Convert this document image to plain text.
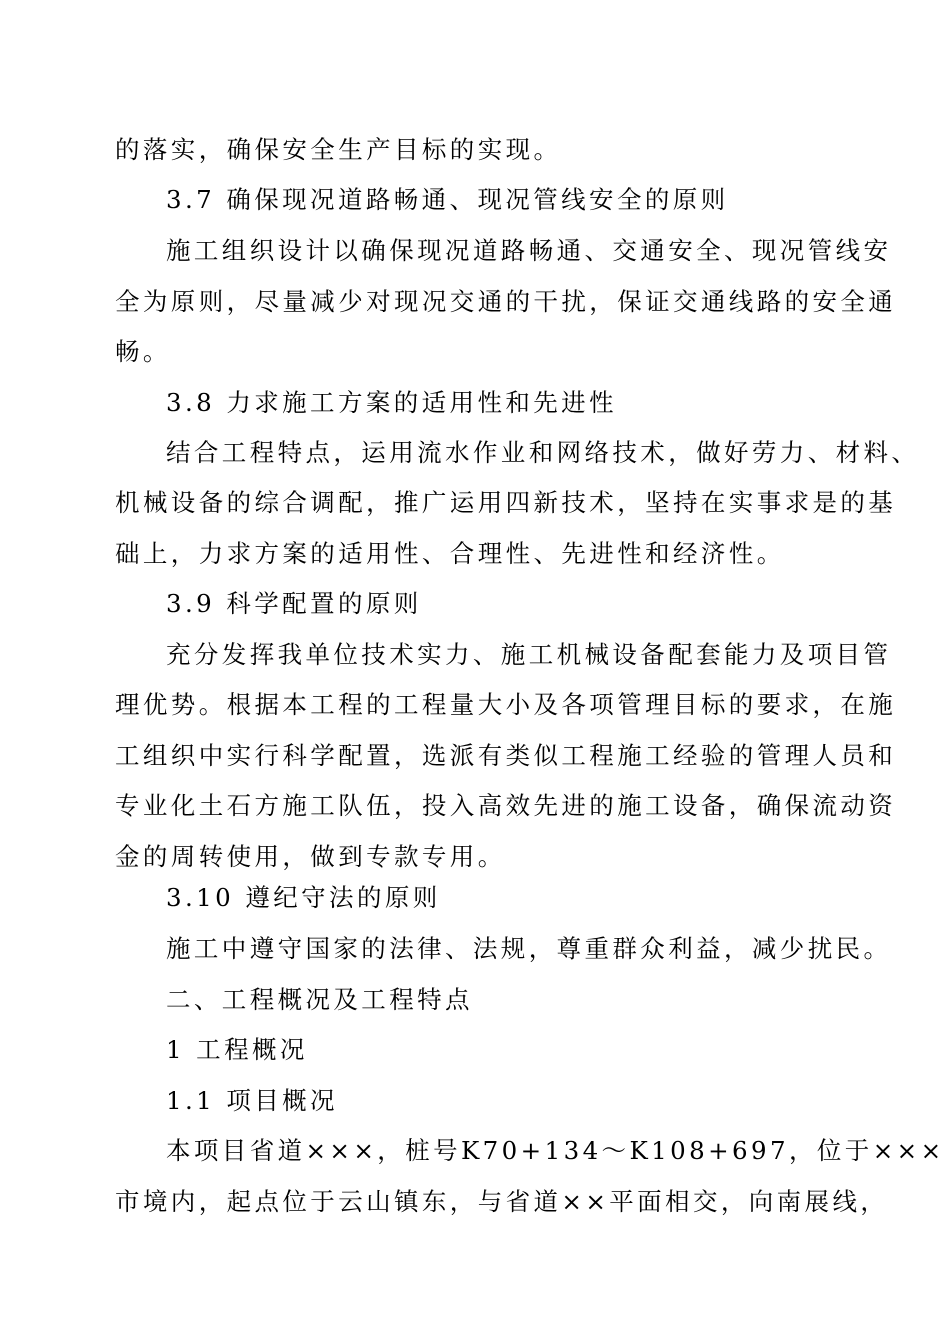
的落实，确保安全生产目标的实现。
3.7 确保现况道路畅通、现况管线安全的原则
施工组织设计以确保现况道路畅通、交通安全、现况管线安
全为原则，尽量减少对现况交通的干扰，保证交通线路的安全通
畅。
3.8 力求施工方案的适用性和先进性
结合工程特点，运用流水作业和网络技术，做好劳力、材料、
机械设备的综合调配，推广运用四新技术，坚持在实事求是的基
础上，力求方案的适用性、合理性、先进性和经济性。
3.9 科学配置的原则
充分发挥我单位技术实力、施工机械设备配套能力及项目管
理优势。根据本工程的工程量大小及各项管理目标的要求，在施
工组织中实行科学配置，选派有类似工程施工经验的管理人员和
专业化土石方施工队伍，投入高效先进的施工设备，确保流动资
金的周转使用，做到专款专用。
3.10 遵纪守法的原则
施工中遵守国家的法律、法规，尊重群众利益，减少扰民。
二、工程概况及工程特点
1 工程概况
1.1 项目概况
本项目省道×××，桩号K70+134～K108+697，位于×××
市境内，起点位于云山镇东，与省道××平面相交，向南展线，
